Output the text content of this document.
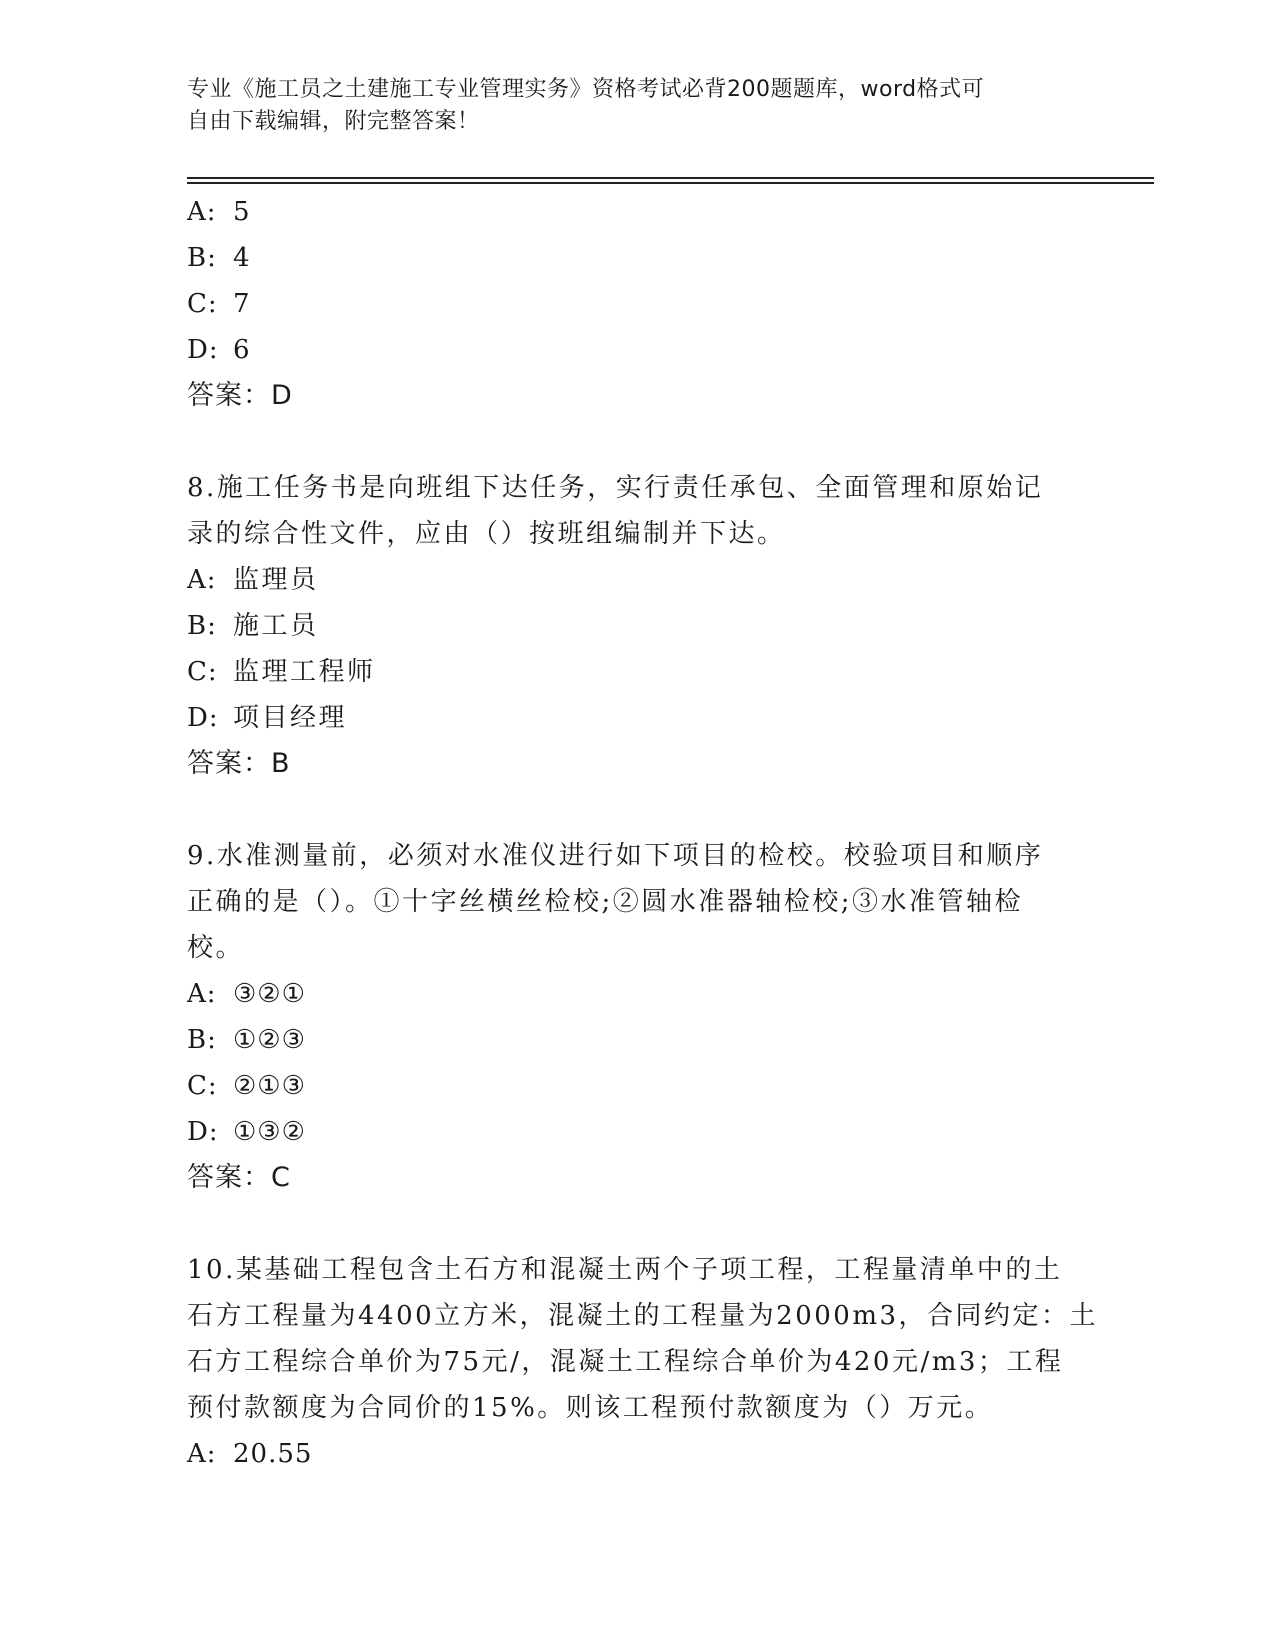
专业《施工员之土建施工专业管理实务》资格考试必背200题题库，word格式可
自由下载编辑，附完整答案！
A: 5
B: 4
C: 7
D: 6
答案：D
8.施工任务书是向班组下达任务，实行责任承包、全面管理和原始记
录的综合性文件，应由（）按班组编制并下达。
A: 监理员
B: 施工员
C: 监理工程师
D: 项目经理
答案：B
9.水准测量前，必须对水准仪进行如下项目的检校。校验项目和顺序
正确的是（）。①十字丝横丝检校;②圆水准器轴检校;③水准管轴检
校。
A: ③②①
B: ①②③
C: ②①③
D: ①③②
答案：C
10.某基础工程包含土石方和混凝土两个子项工程，工程量清单中的土
石方工程量为4400立方米，混凝土的工程量为2000m3，合同约定：土
石方工程综合单价为75元/，混凝土工程综合单价为420元/m3；工程
预付款额度为合同价的15%。则该工程预付款额度为（）万元。
A: 20.55
